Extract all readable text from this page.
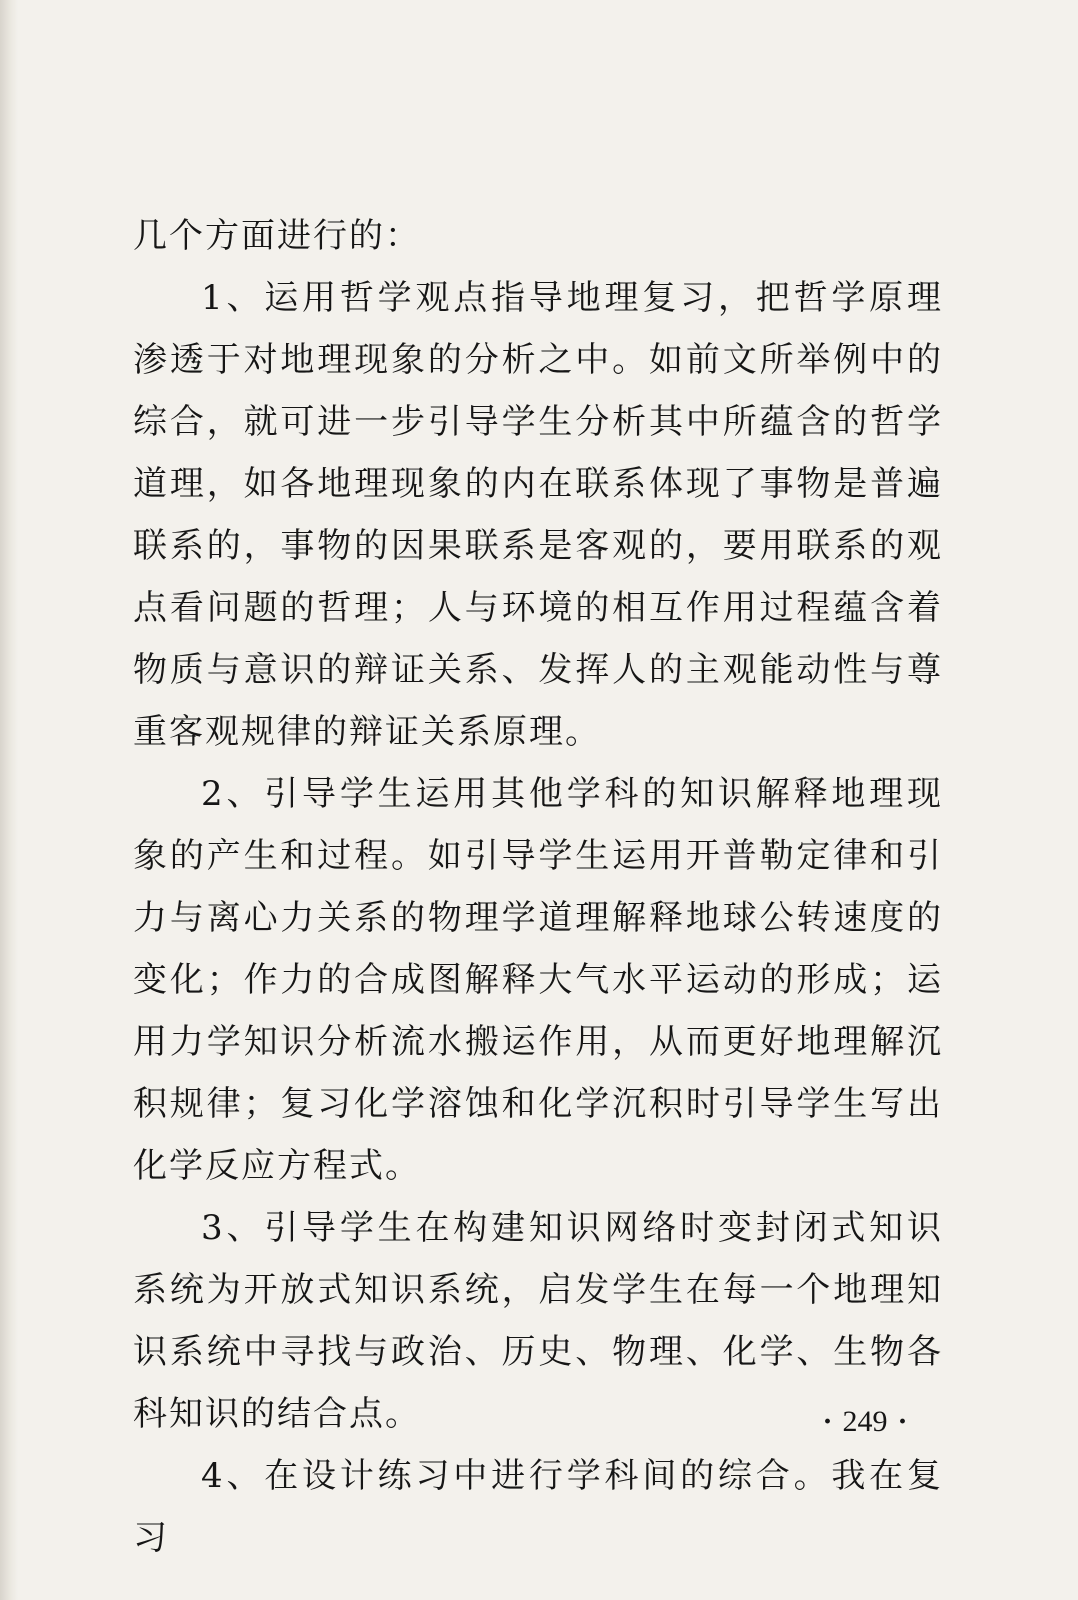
几个方面进行的：

1、运用哲学观点指导地理复习，把哲学原理渗透于对地理现象的分析之中。如前文所举例中的综合，就可进一步引导学生分析其中所蕴含的哲学道理，如各地理现象的内在联系体现了事物是普遍联系的，事物的因果联系是客观的，要用联系的观点看问题的哲理；人与环境的相互作用过程蕴含着物质与意识的辩证关系、发挥人的主观能动性与尊重客观规律的辩证关系原理。

2、引导学生运用其他学科的知识解释地理现象的产生和过程。如引导学生运用开普勒定律和引力与离心力关系的物理学道理解释地球公转速度的变化；作力的合成图解释大气水平运动的形成；运用力学知识分析流水搬运作用，从而更好地理解沉积规律；复习化学溶蚀和化学沉积时引导学生写出化学反应方程式。

3、引导学生在构建知识网络时变封闭式知识系统为开放式知识系统，启发学生在每一个地理知识系统中寻找与政治、历史、物理、化学、生物各科知识的结合点。

4、在设计练习中进行学科间的综合。我在复习

· 249 ·
